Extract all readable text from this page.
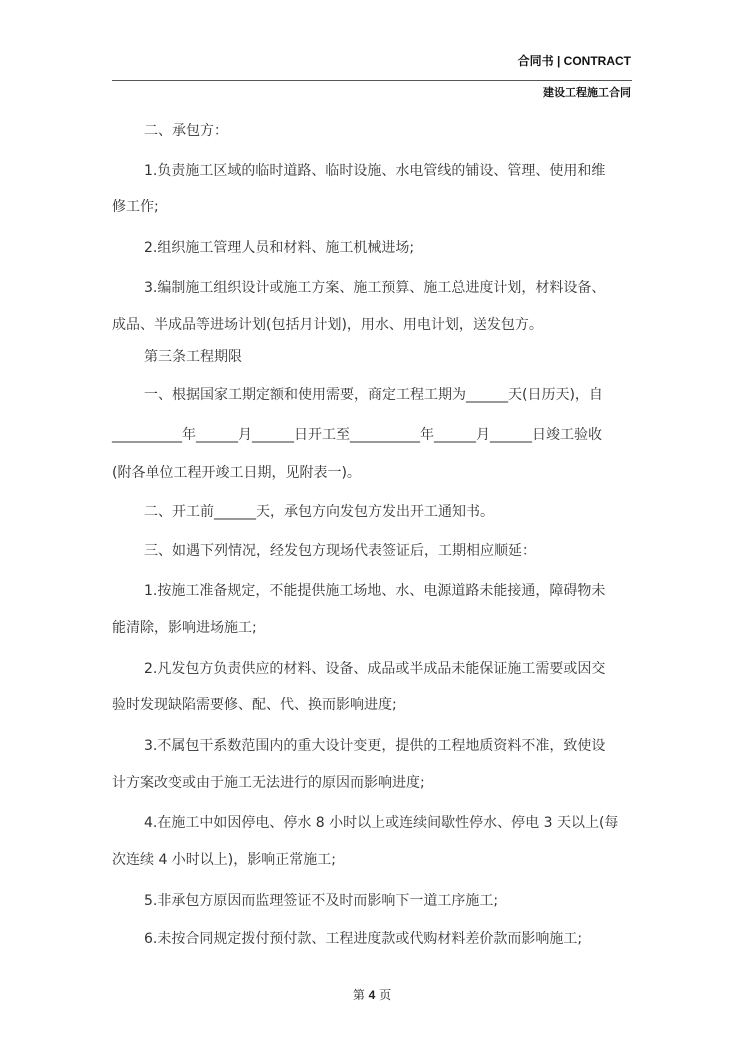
合同书 | CONTRACT
建设工程施工合同

二、承包方：

1.负责施工区域的临时道路、临时设施、水电管线的铺设、管理、使用和维

修工作;

2.组织施工管理人员和材料、施工机械进场;

3.编制施工组织设计或施工方案、施工预算、施工总进度计划，材料设备、

成品、半成品等进场计划(包括月计划)，用水、用电计划，送发包方。

第三条工程期限

一、根据国家工期定额和使用需要，商定工程工期为______天(日历天)，自

__________年______月______日开工至__________年______月______日竣工验收

(附各单位工程开竣工日期，见附表一)。

二、开工前______天，承包方向发包方发出开工通知书。

三、如遇下列情况，经发包方现场代表签证后，工期相应顺延：

1.按施工准备规定，不能提供施工场地、水、电源道路未能接通，障碍物未

能清除，影响进场施工;

2.凡发包方负责供应的材料、设备、成品或半成品未能保证施工需要或因交

验时发现缺陷需要修、配、代、换而影响进度;

3.不属包干系数范围内的重大设计变更，提供的工程地质资料不准，致使设

计方案改变或由于施工无法进行的原因而影响进度;

4.在施工中如因停电、停水 8 小时以上或连续间歇性停水、停电 3 天以上(每

次连续 4 小时以上)，影响正常施工;

5.非承包方原因而监理签证不及时而影响下一道工序施工;

6.未按合同规定拨付预付款、工程进度款或代购材料差价款而影响施工;

第 4 页
